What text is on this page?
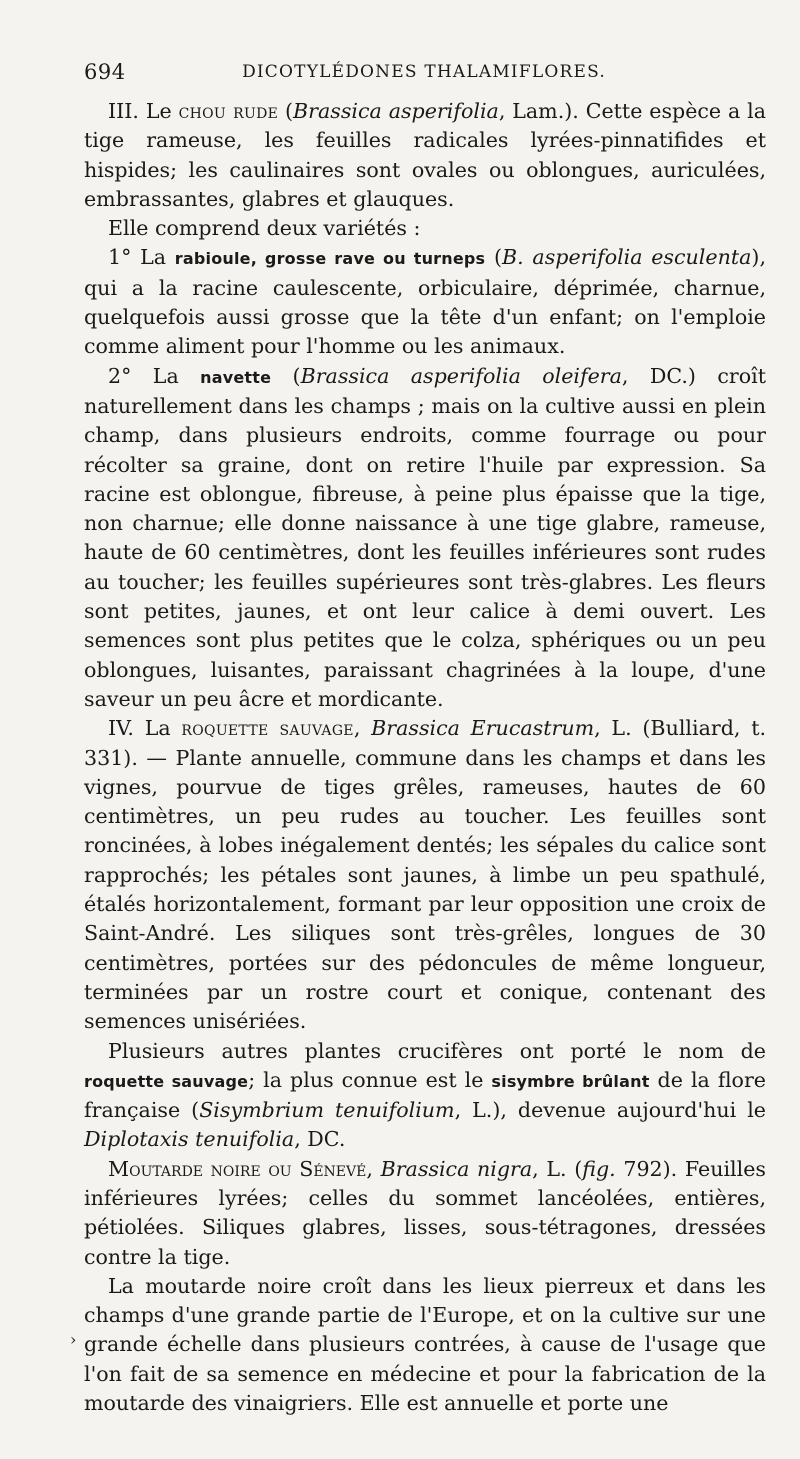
694	DICOTYLÉDONES THALAMIFLORES.

III. Le chou rude (Brassica asperifolia, Lam.). Cette espèce a la tige rameuse, les feuilles radicales lyrées-pinnatifides et hispides; les caulinaires sont ovales ou oblongues, auriculées, embrassantes, glabres et glauques.

Elle comprend deux variétés :

1° La rabioule, grosse rave ou turneps (B. asperifolia esculenta), qui a la racine caulescente, orbiculaire, déprimée, charnue, quelquefois aussi grosse que la tête d'un enfant; on l'emploie comme aliment pour l'homme ou les animaux.

2° La navette (Brassica asperifolia oleifera, DC.) croît naturellement dans les champs ; mais on la cultive aussi en plein champ, dans plusieurs endroits, comme fourrage ou pour récolter sa graine, dont on retire l'huile par expression. Sa racine est oblongue, fibreuse, à peine plus épaisse que la tige, non charnue; elle donne naissance à une tige glabre, rameuse, haute de 60 centimètres, dont les feuilles inférieures sont rudes au toucher; les feuilles supérieures sont très-glabres. Les fleurs sont petites, jaunes, et ont leur calice à demi ouvert. Les semences sont plus petites que le colza, sphériques ou un peu oblongues, luisantes, paraissant chagrinées à la loupe, d'une saveur un peu âcre et mordicante.

IV. La roquette sauvage, Brassica Erucastrum, L. (Bulliard, t. 331). — Plante annuelle, commune dans les champs et dans les vignes, pourvue de tiges grêles, rameuses, hautes de 60 centimètres, un peu rudes au toucher. Les feuilles sont roncinées, à lobes inégalement dentés; les sépales du calice sont rapprochés; les pétales sont jaunes, à limbe un peu spathulé, étalés horizontalement, formant par leur opposition une croix de Saint-André. Les siliques sont très-grêles, longues de 30 centimètres, portées sur des pédoncules de même longueur, terminées par un rostre court et conique, contenant des semences unisériées.

Plusieurs autres plantes crucifères ont porté le nom de roquette sauvage; la plus connue est le sisymbre brûlant de la flore française (Sisymbrium tenuifolium, L.), devenue aujourd'hui le Diplotaxis tenuifolia, DC.

Moutarde noire ou Sénevé, Brassica nigra, L. (fig. 792). Feuilles inférieures lyrées; celles du sommet lancéolées, entières, pétiolées. Siliques glabres, lisses, sous-tétragones, dressées contre la tige.

La moutarde noire croît dans les lieux pierreux et dans les champs d'une grande partie de l'Europe, et on la cultive sur une grande échelle dans plusieurs contrées, à cause de l'usage que l'on fait de sa semence en médecine et pour la fabrication de la moutarde des vinaigriers. Elle est annuelle et porte une

›
